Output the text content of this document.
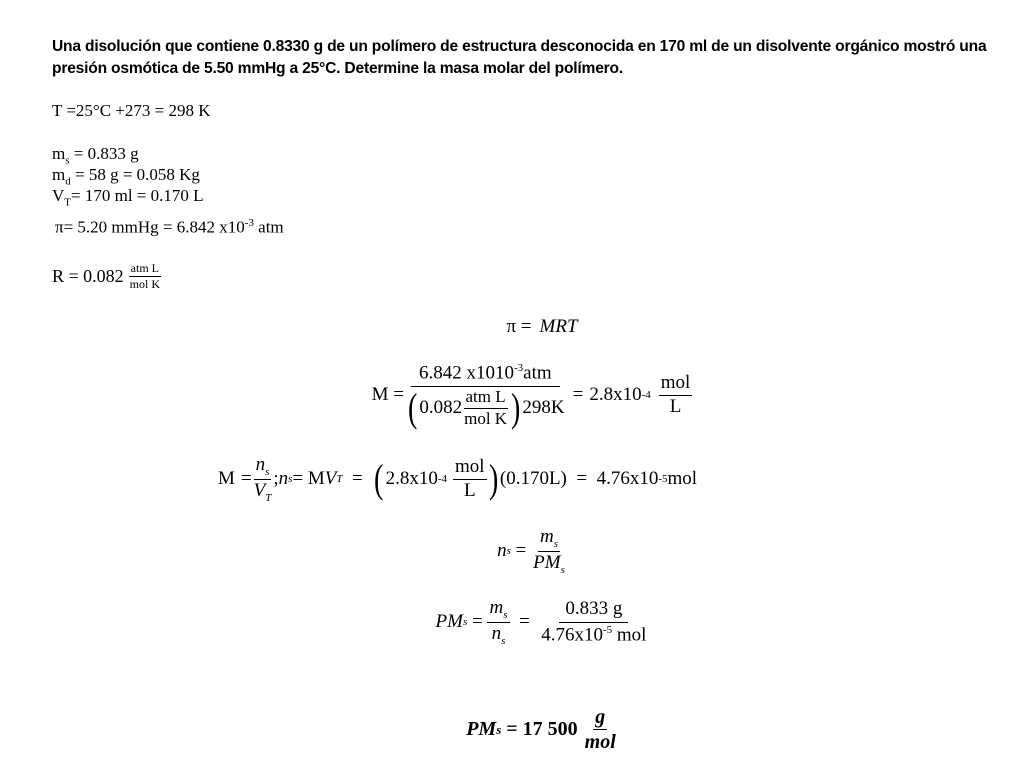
Una disolución que contiene 0.8330 g de un polímero de estructura desconocida en 170 ml de un disolvente orgánico mostró una presión osmótica de 5.50 mmHg a 25°C. Determine la masa molar del polímero.
T =25°C +273 = 298 K
$m_s = 0.833$ g
$m_d = 58$ g = 0.058 Kg
$V_T= 170$ ml = 0.170 L
π= 5.20 mmHg = 6.842 $x10^{-3}$ atm
$R = 0.082 \frac{\text{atm L}}{\text{mol K}}$
π = MRT
$M = \frac{6.842 x1010^{-3}atm}{( 0.082 \frac{\text{atm L}}{\text{mol K}} ) 298K} = 2.8x10$ $-4 \frac{\text{mol}}{L}$
$M = \frac{n_s}{V_T}$ ; n s = M V T = ( 2.8x10 $-4 \frac{\text{mol}}{L}$ ) (0.170L) = 4.76x10 -5 mol
n $s = \frac{m_s}{PM_s}$
PM $s = \frac{m_s}{n_s} = \frac{0.833 g}{4.76x10^{-5} mol}$
PM s = 17 $500 \frac{g}{\text{mol}}$
